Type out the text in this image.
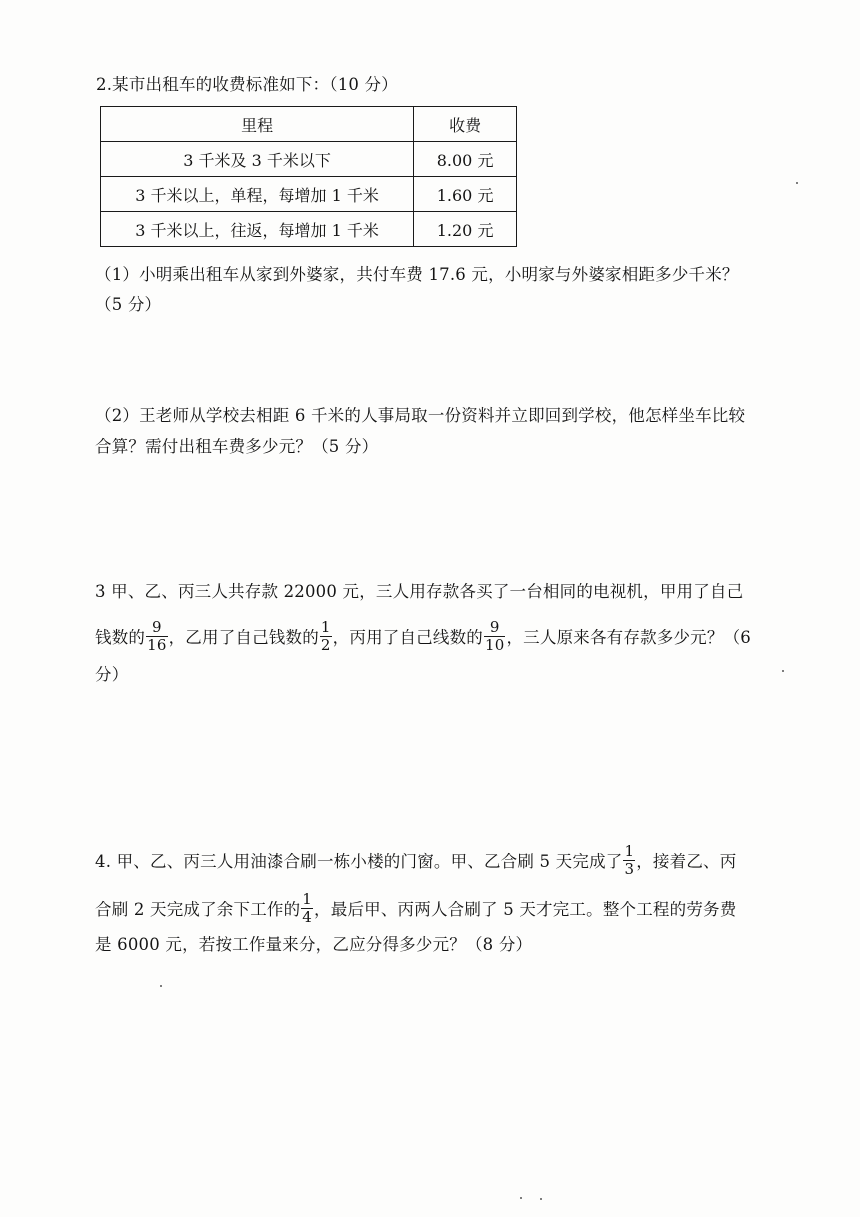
2.某市出租车的收费标准如下：（10 分）
里程	收费
3 千米及 3 千米以下	8.00 元
3 千米以上，单程，每增加 1 千米	1.60 元
3 千米以上，往返，每增加 1 千米	1.20 元
（1）小明乘出租车从家到外婆家，共付车费 17.6 元，小明家与外婆家相距多少千米？
（5 分）
（2）王老师从学校去相距 6 千米的人事局取一份资料并立即回到学校，他怎样坐车比较
合算？需付出租车费多少元？（5 分）
3 甲、乙、丙三人共存款 22000 元，三人用存款各买了一台相同的电视机，甲用了自己
钱数的 $\frac{9}{16}$ ，乙用了自己钱数的 $\frac{1}{2}$ ，丙用了自己线数的 $\frac{9}{10}$ ，三人原来各有存款多少元？（6
分）
4. 甲、乙、丙三人用油漆合刷一栋小楼的门窗。甲、乙合刷 5 天完成了 $\frac{1}{3}$ ，接着乙、丙
合刷 2 天完成了余下工作的 $\frac{1}{4}$ ，最后甲、丙两人合刷了 5 天才完工。整个工程的劳务费
是 6000 元，若按工作量来分，乙应分得多少元？（8 分）
